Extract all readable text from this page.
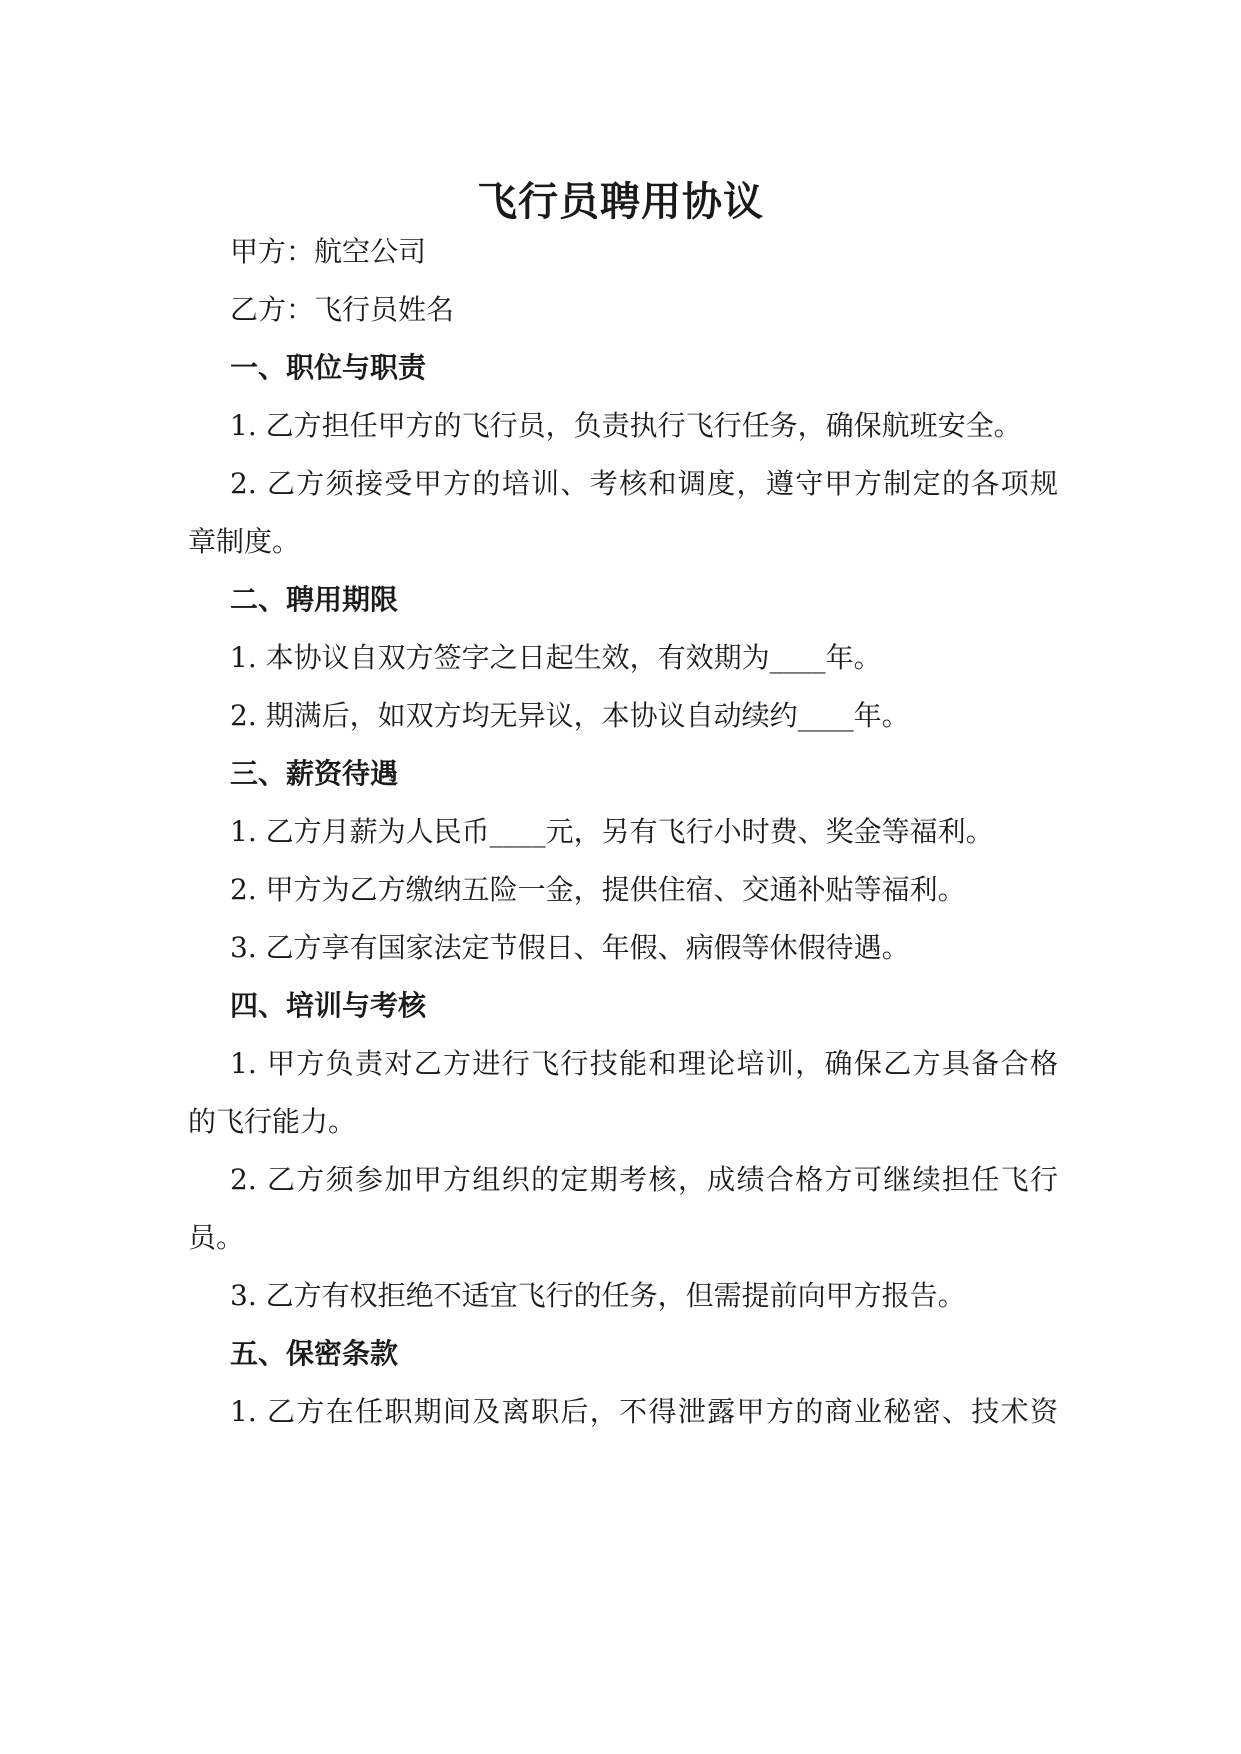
飞行员聘用协议
甲方：航空公司
乙方：飞行员姓名
一、职位与职责
1. 乙方担任甲方的飞行员，负责执行飞行任务，确保航班安全。
2. 乙方须接受甲方的培训、考核和调度，遵守甲方制定的各项规
章制度。
二、聘用期限
1. 本协议自双方签字之日起生效，有效期为____年。
2. 期满后，如双方均无异议，本协议自动续约____年。
三、薪资待遇
1. 乙方月薪为人民币____元，另有飞行小时费、奖金等福利。
2. 甲方为乙方缴纳五险一金，提供住宿、交通补贴等福利。
3. 乙方享有国家法定节假日、年假、病假等休假待遇。
四、培训与考核
1. 甲方负责对乙方进行飞行技能和理论培训，确保乙方具备合格
的飞行能力。
2. 乙方须参加甲方组织的定期考核，成绩合格方可继续担任飞行
员。
3. 乙方有权拒绝不适宜飞行的任务，但需提前向甲方报告。
五、保密条款
1. 乙方在任职期间及离职后，不得泄露甲方的商业秘密、技术资
